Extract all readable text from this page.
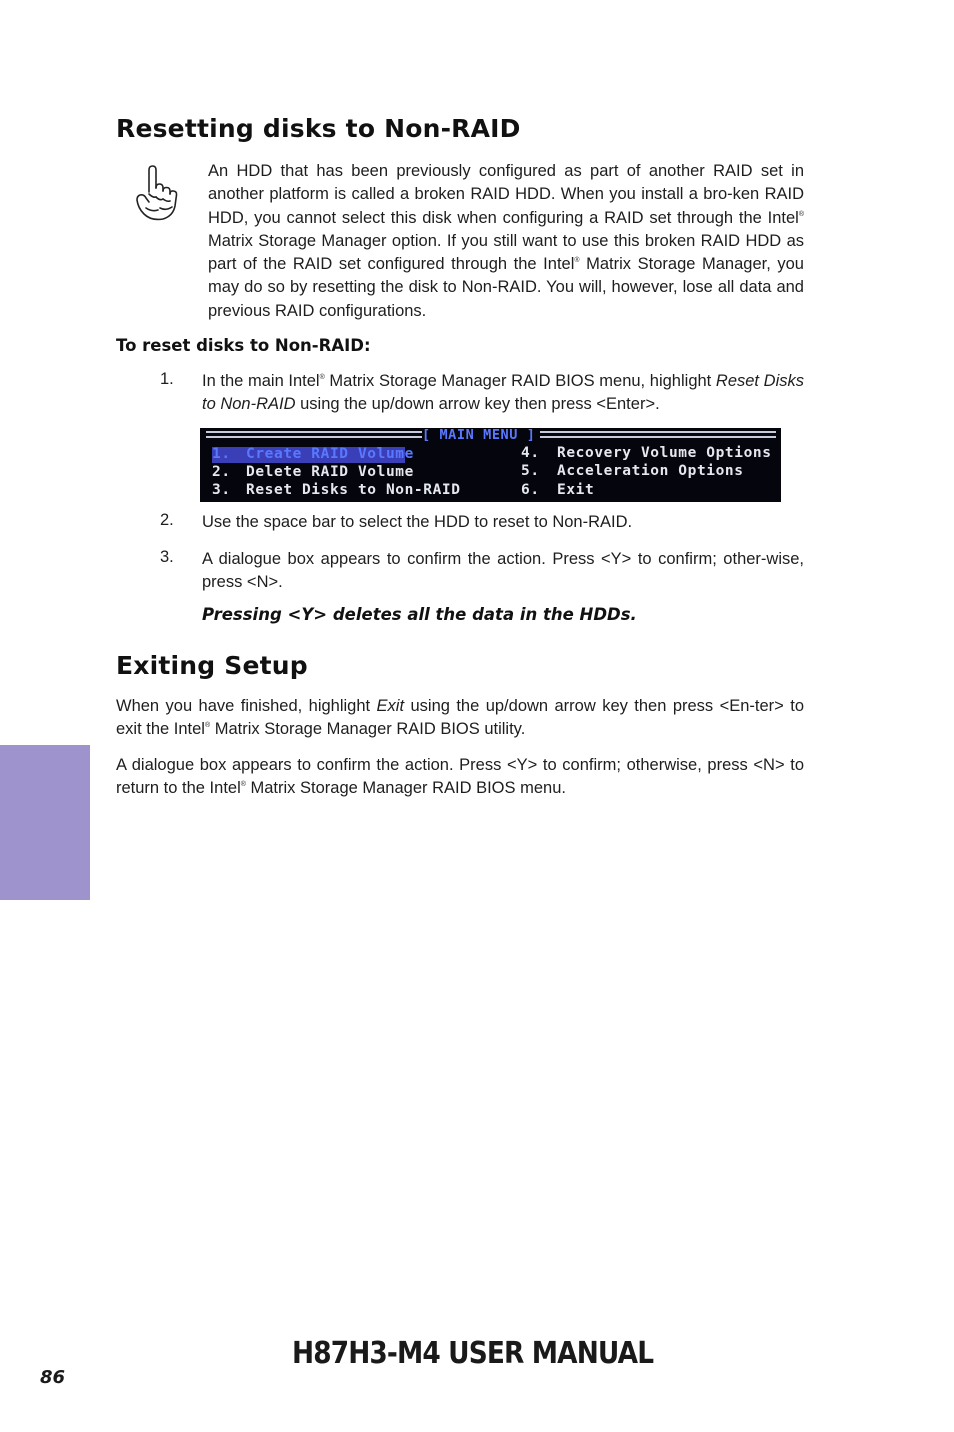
Resetting disks to Non-RAID

An HDD that has been previously configured as part of another RAID set in another platform is called a broken RAID HDD. When you install a bro-ken RAID HDD, you cannot select this disk when configuring a RAID set through the Intel® Matrix Storage Manager option. If you still want to use this broken RAID HDD as part of the RAID set configured through the Intel® Matrix Storage Manager, you may do so by resetting the disk to Non-RAID. You will, however, lose all data and previous RAID configurations.

To reset disks to Non-RAID:
1. In the main Intel® Matrix Storage Manager RAID BIOS menu, highlight Reset Disks to Non-RAID using the up/down arrow key then press <Enter>.

[ MAIN MENU ]
1. Create RAID Volume
2. Delete RAID Volume
3. Reset Disks to Non-RAID
4. Recovery Volume Options
5. Acceleration Options
6. Exit
2. Use the space bar to select the HDD to reset to Non-RAID.

3. A dialogue box appears to confirm the action. Press <Y> to confirm; other-wise, press <N>.

Pressing <Y> deletes all the data in the HDDs.
Exiting Setup

When you have finished, highlight Exit using the up/down arrow key then press <En-ter> to exit the Intel® Matrix Storage Manager RAID BIOS utility.

A dialogue box appears to confirm the action. Press <Y> to confirm; otherwise, press <N> to return to the Intel® Matrix Storage Manager RAID BIOS menu.

86
H87H3-M4 USER MANUAL
